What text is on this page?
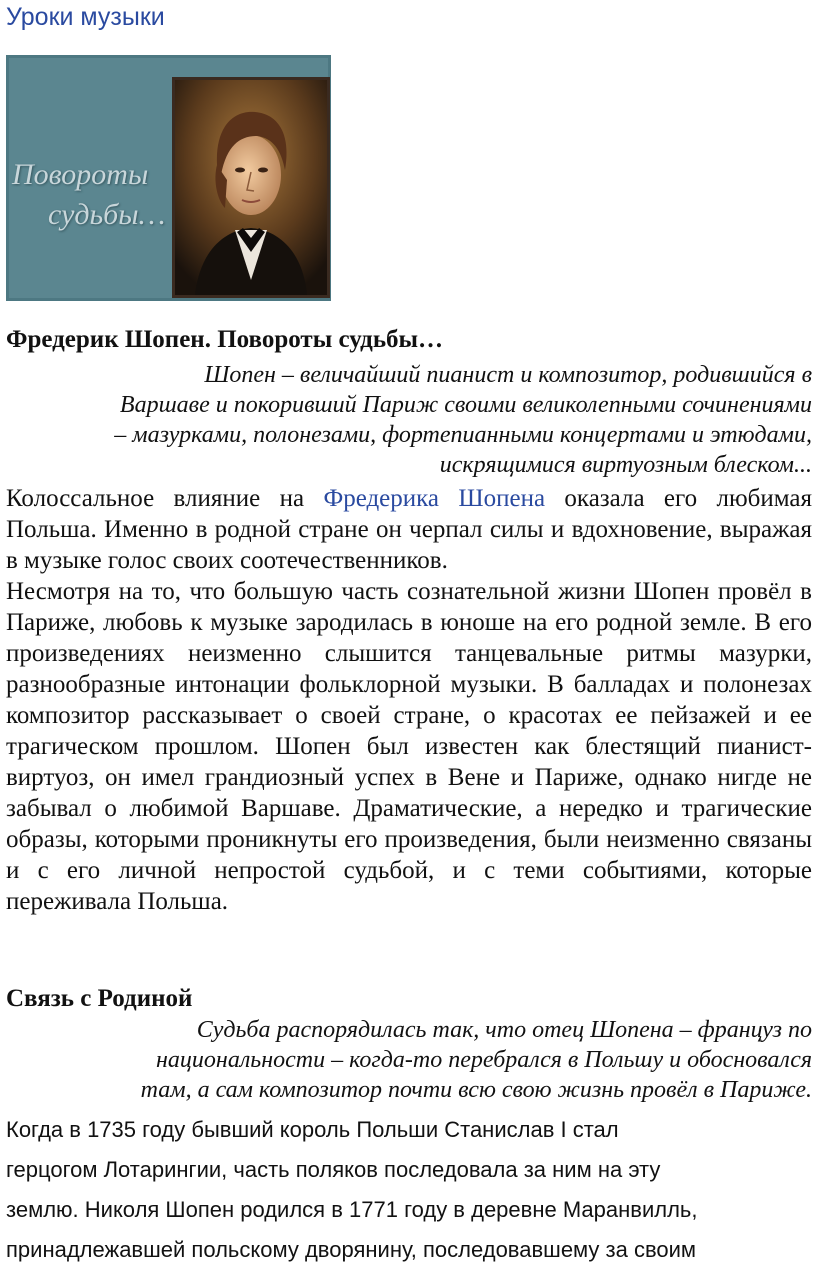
Уроки музыки
Повороты
судьбы…
Фредерик Шопен. Повороты судьбы…
Шопен – величайший пианист и композитор, родившийся в
Варшаве и покоривший Париж своими великолепными сочинениями
– мазурками, полонезами, фортепианными концертами и этюдами,
искрящимися виртуозным блеском...

Колоссальное влияние на Фредерика Шопена оказала его любимая Польша. Именно в родной стране он черпал силы и вдохновение, выражая в музыке голос своих соотечественников.

Несмотря на то, что большую часть сознательной жизни Шопен провёл в Париже, любовь к музыке зародилась в юноше на его родной земле. В его произведениях неизменно слышится танцевальные ритмы мазурки, разнообразные интонации фольклорной музыки. В балладах и полонезах композитор рассказывает о своей стране, о красотах ее пейзажей и ее трагическом прошлом. Шопен был известен как блестящий пианист-виртуоз, он имел грандиозный успех в Вене и Париже, однако нигде не забывал о любимой Варшаве. Драматические, а нередко и трагические образы, которыми проникнуты его произведения, были неизменно связаны и с его личной непростой судьбой, и с теми событиями, которые переживала Польша.

Связь с Родиной
Судьба распорядилась так, что отец Шопена – француз по
национальности – когда-то перебрался в Польшу и обосновался
там, а сам композитор почти всю свою жизнь провёл в Париже.
Когда в 1735 году бывший король Польши Станислав I стал
герцогом Лотарингии, часть поляков последовала за ним на эту
землю. Николя Шопен родился в 1771 году в деревне Маранвилль,
принадлежавшей польскому дворянину, последовавшему за своим
